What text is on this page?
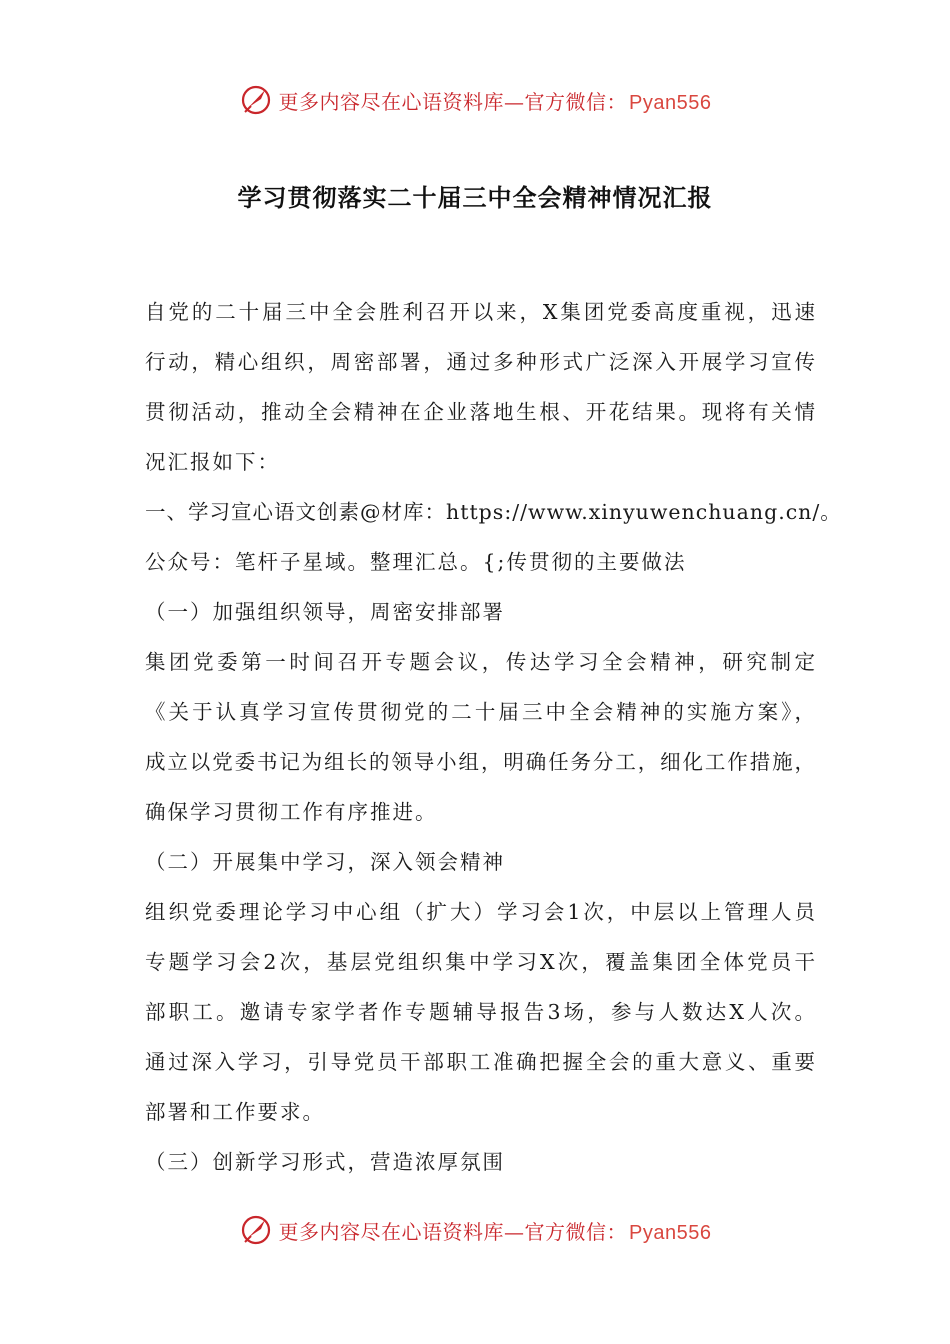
更多内容尽在心语资料库—官方微信： Pyan556
学习贯彻落实二十届三中全会精神情况汇报
自党的二十届三中全会胜利召开以来，X集团党委高度重视，迅速
行动，精心组织，周密部署，通过多种形式广泛深入开展学习宣传
贯彻活动，推动全会精神在企业落地生根、开花结果。现将有关情
况汇报如下：
一、学习宣心语文创素@材库：https://www.xinyuwenchuang.cn/。
公众号：笔杆子星域。整理汇总。{;传贯彻的主要做法
（一）加强组织领导，周密安排部署
集团党委第一时间召开专题会议，传达学习全会精神，研究制定
《关于认真学习宣传贯彻党的二十届三中全会精神的实施方案》，
成立以党委书记为组长的领导小组，明确任务分工，细化工作措施，
确保学习贯彻工作有序推进。
（二）开展集中学习，深入领会精神
组织党委理论学习中心组（扩大）学习会1次，中层以上管理人员
专题学习会2次，基层党组织集中学习X次，覆盖集团全体党员干
部职工。邀请专家学者作专题辅导报告3场，参与人数达X人次。
通过深入学习，引导党员干部职工准确把握全会的重大意义、重要
部署和工作要求。
（三）创新学习形式，营造浓厚氛围
更多内容尽在心语资料库—官方微信： Pyan556
